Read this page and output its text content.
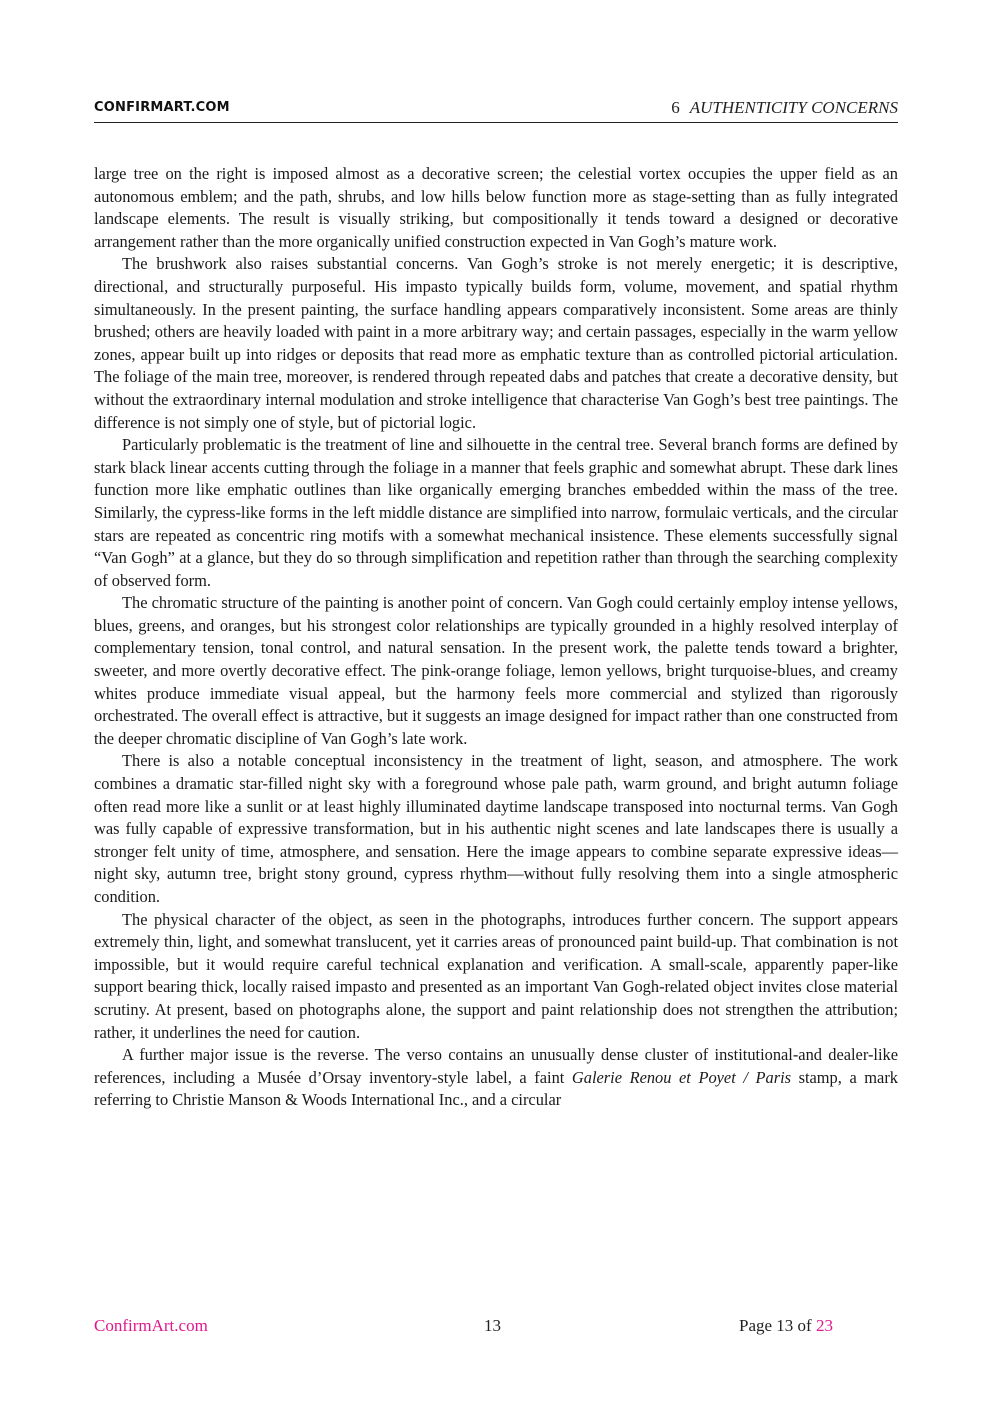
CONFIRMART.COM	6 AUTHENTICITY CONCERNS

large tree on the right is imposed almost as a decorative screen; the celestial vortex occupies the upper field as an autonomous emblem; and the path, shrubs, and low hills below function more as stage-setting than as fully integrated landscape elements. The result is visually striking, but compositionally it tends toward a designed or decorative arrangement rather than the more organically unified construction expected in Van Gogh’s mature work.

The brushwork also raises substantial concerns. Van Gogh’s stroke is not merely energetic; it is descriptive, directional, and structurally purposeful. His impasto typically builds form, volume, movement, and spatial rhythm simultaneously. In the present painting, the surface handling appears comparatively inconsistent. Some areas are thinly brushed; others are heavily loaded with paint in a more arbitrary way; and certain passages, especially in the warm yellow zones, appear built up into ridges or deposits that read more as emphatic texture than as controlled pictorial articulation. The foliage of the main tree, moreover, is rendered through repeated dabs and patches that create a decorative density, but without the extraordinary internal modulation and stroke intelligence that characterise Van Gogh’s best tree paintings. The difference is not simply one of style, but of pictorial logic.

Particularly problematic is the treatment of line and silhouette in the central tree. Several branch forms are defined by stark black linear accents cutting through the foliage in a manner that feels graphic and somewhat abrupt. These dark lines function more like emphatic outlines than like organically emerging branches embedded within the mass of the tree. Similarly, the cypress-like forms in the left middle distance are simplified into narrow, formulaic verticals, and the circular stars are repeated as concentric ring motifs with a somewhat mechanical insistence. These elements successfully signal “Van Gogh” at a glance, but they do so through simplification and repetition rather than through the searching complexity of observed form.

The chromatic structure of the painting is another point of concern. Van Gogh could certainly employ intense yellows, blues, greens, and oranges, but his strongest color relationships are typically grounded in a highly resolved interplay of complementary tension, tonal control, and natural sensation. In the present work, the palette tends toward a brighter, sweeter, and more overtly decorative effect. The pink-orange foliage, lemon yellows, bright turquoise-blues, and creamy whites produce immediate visual appeal, but the harmony feels more commercial and stylized than rigorously orchestrated. The overall effect is attractive, but it suggests an image designed for impact rather than one constructed from the deeper chromatic discipline of Van Gogh’s late work.

There is also a notable conceptual inconsistency in the treatment of light, season, and atmosphere. The work combines a dramatic star-filled night sky with a foreground whose pale path, warm ground, and bright autumn foliage often read more like a sunlit or at least highly illuminated daytime landscape transposed into nocturnal terms. Van Gogh was fully capable of expressive transformation, but in his authentic night scenes and late landscapes there is usually a stronger felt unity of time, atmosphere, and sensation. Here the image appears to combine separate expressive ideas—night sky, autumn tree, bright stony ground, cypress rhythm—without fully resolving them into a single atmospheric condition.

The physical character of the object, as seen in the photographs, introduces further concern. The support appears extremely thin, light, and somewhat translucent, yet it carries areas of pronounced paint build-up. That combination is not impossible, but it would require careful technical explanation and verification. A small-scale, apparently paper-like support bearing thick, locally raised impasto and presented as an important Van Gogh-related object invites close material scrutiny. At present, based on photographs alone, the support and paint relationship does not strengthen the attribution; rather, it underlines the need for caution.

A further major issue is the reverse. The verso contains an unusually dense cluster of institutional-and dealer-like references, including a Musée d’Orsay inventory-style label, a faint Galerie Renou et Poyet / Paris stamp, a mark referring to Christie Manson & Woods International Inc., and a circular

ConfirmArt.com	13	Page 13 of 23
